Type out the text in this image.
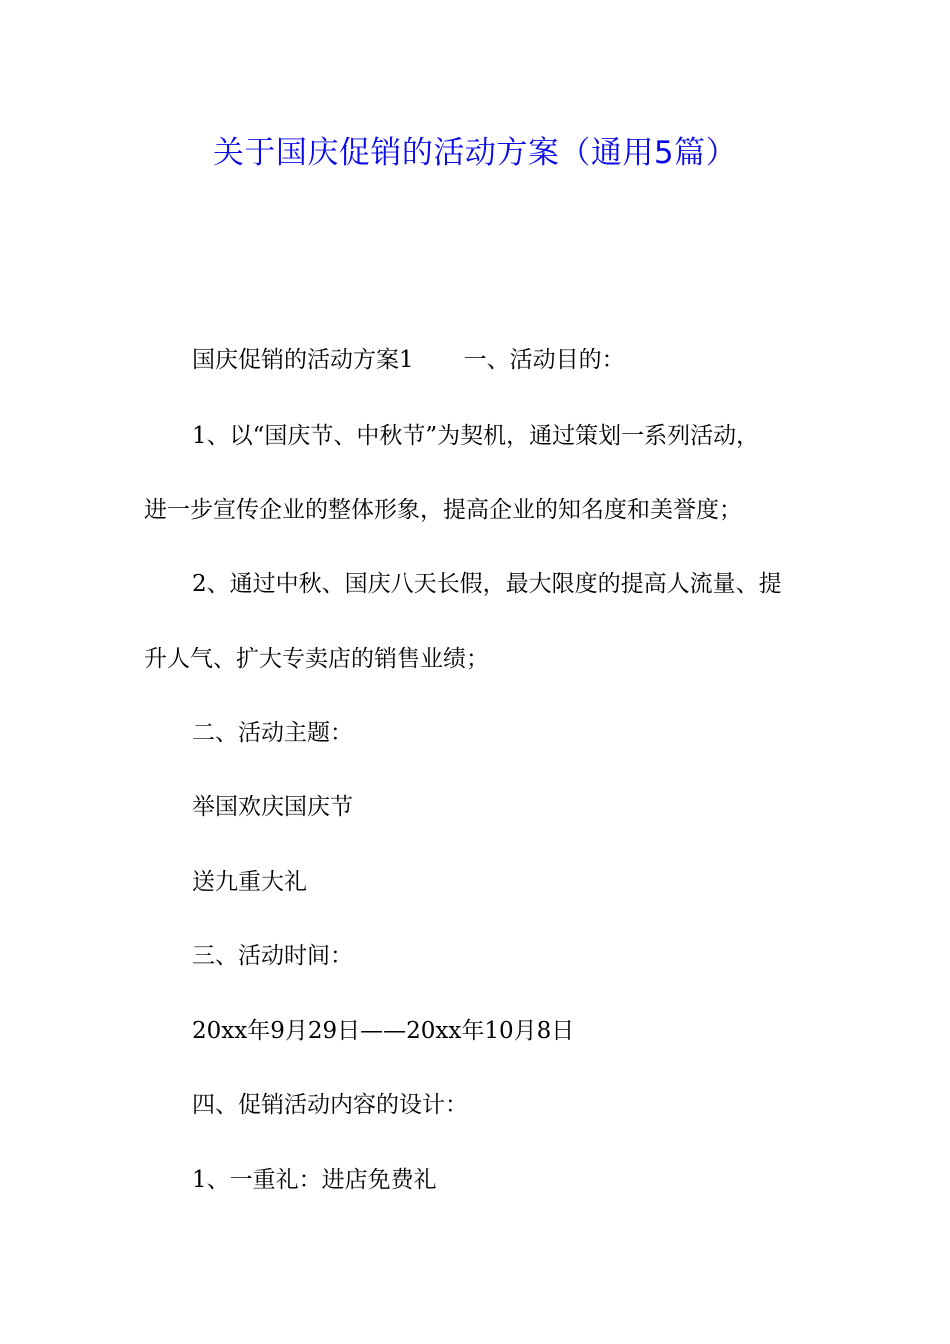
关于国庆促销的活动方案（通用5篇）
国庆促销的活动方案1 一、活动目的：
1、以“国庆节、中秋节”为契机，通过策划一系列活动，
进一步宣传企业的整体形象，提高企业的知名度和美誉度；
2、通过中秋、国庆八天长假，最大限度的提高人流量、提
升人气、扩大专卖店的销售业绩；
二、活动主题：
举国欢庆国庆节
送九重大礼
三、活动时间：
20xx年9月29日——20xx年10月8日
四、促销活动内容的设计：
1、一重礼：进店免费礼
